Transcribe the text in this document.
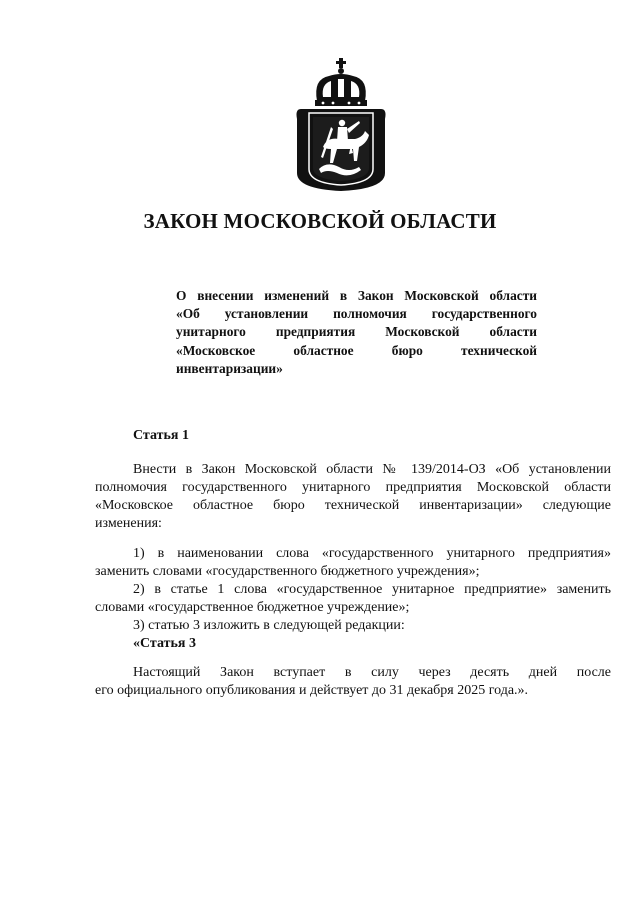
ЗАКОН МОСКОВСКОЙ ОБЛАСТИ
О внесении изменений в Закон Московской области
«Об установлении полномочия государственного
унитарного предприятия Московской области
«Московское областное бюро технической
инвентаризации»
Статья 1
Внести в Закон Московской области № 139/2014-ОЗ «Об установлении
полномочия государственного унитарного предприятия Московской области
«Московское областное бюро технической инвентаризации» следующие
изменения:
1) в наименовании слова «государственного унитарного предприятия»
заменить словами «государственного бюджетного учреждения»;
2) в статье 1 слова «государственное унитарное предприятие» заменить
словами «государственное бюджетное учреждение»;
3) статью 3 изложить в следующей редакции:
«Статья 3
Настоящий Закон вступает в силу через десять дней после
его официального опубликования и действует до 31 декабря 2025 года.».
